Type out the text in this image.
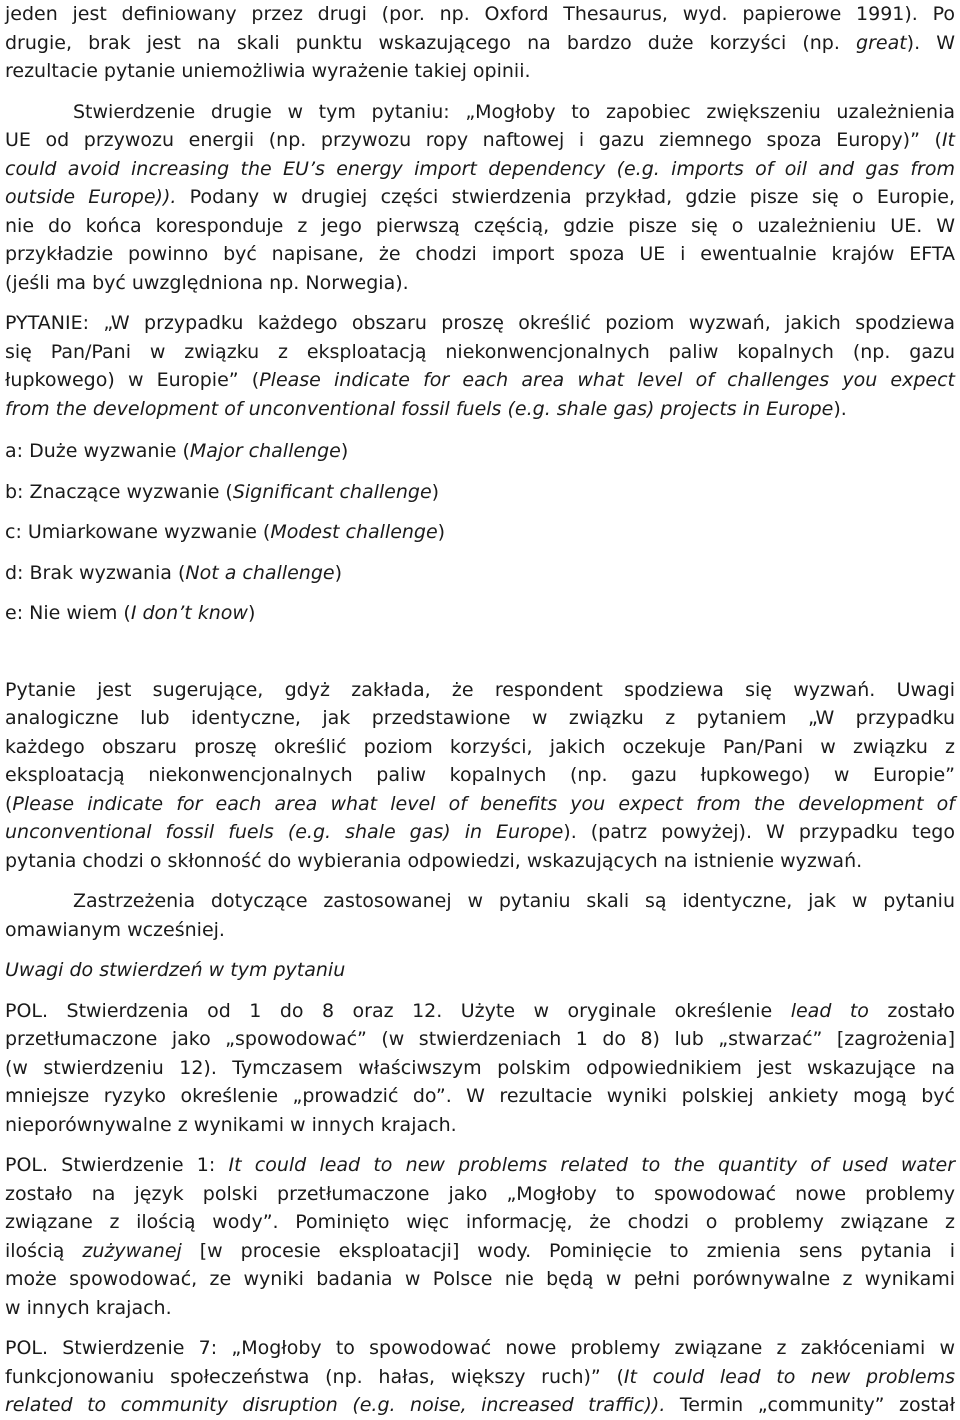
jeden jest definiowany przez drugi (por. np. Oxford Thesaurus, wyd. papierowe 1991). Po
drugie, brak jest na skali punktu wskazującego na bardzo duże korzyści (np. great). W
rezultacie pytanie uniemożliwia wyrażenie takiej opinii.

Stwierdzenie drugie w tym pytaniu: „Mogłoby to zapobiec zwiększeniu uzależnienia
UE od przywozu energii (np. przywozu ropy naftowej i gazu ziemnego spoza Europy)” (It
could avoid increasing the EU’s energy import dependency (e.g. imports of oil and gas from
outside Europe)). Podany w drugiej części stwierdzenia przykład, gdzie pisze się o Europie,
nie do końca koresponduje z jego pierwszą częścią, gdzie pisze się o uzależnieniu UE. W
przykładzie powinno być napisane, że chodzi import spoza UE i ewentualnie krajów EFTA
(jeśli ma być uwzględniona np. Norwegia).

PYTANIE: „W przypadku każdego obszaru proszę określić poziom wyzwań, jakich spodziewa
się Pan/Pani w związku z eksploatacją niekonwencjonalnych paliw kopalnych (np. gazu
łupkowego) w Europie” (Please indicate for each area what level of challenges you expect
from the development of unconventional fossil fuels (e.g. shale gas) projects in Europe).

a: Duże wyzwanie (Major challenge)
b: Znaczące wyzwanie (Significant challenge)
c: Umiarkowane wyzwanie (Modest challenge)
d: Brak wyzwania (Not a challenge)
e: Nie wiem (I don’t know)

Pytanie jest sugerujące, gdyż zakłada, że respondent spodziewa się wyzwań. Uwagi
analogiczne lub identyczne, jak przedstawione w związku z pytaniem „W przypadku
każdego obszaru proszę określić poziom korzyści, jakich oczekuje Pan/Pani w związku z
eksploatacją niekonwencjonalnych paliw kopalnych (np. gazu łupkowego) w Europie”
(Please indicate for each area what level of benefits you expect from the development of
unconventional fossil fuels (e.g. shale gas) in Europe). (patrz powyżej). W przypadku tego
pytania chodzi o skłonność do wybierania odpowiedzi, wskazujących na istnienie wyzwań.

Zastrzeżenia dotyczące zastosowanej w pytaniu skali są identyczne, jak w pytaniu
omawianym wcześniej.

Uwagi do stwierdzeń w tym pytaniu

POL. Stwierdzenia od 1 do 8 oraz 12. Użyte w oryginale określenie lead to zostało
przetłumaczone jako „spowodować” (w stwierdzeniach 1 do 8) lub „stwarzać” [zagrożenia]
(w stwierdzeniu 12). Tymczasem właściwszym polskim odpowiednikiem jest wskazujące na
mniejsze ryzyko określenie „prowadzić do”. W rezultacie wyniki polskiej ankiety mogą być
nieporównywalne z wynikami w innych krajach.

POL. Stwierdzenie 1: It could lead to new problems related to the quantity of used water
zostało na język polski przetłumaczone jako „Mogłoby to spowodować nowe problemy
związane z ilością wody”. Pominięto więc informację, że chodzi o problemy związane z
ilością zużywanej [w procesie eksploatacji] wody. Pominięcie to zmienia sens pytania i
może spowodować, ze wyniki badania w Polsce nie będą w pełni porównywalne z wynikami
w innych krajach.

POL. Stwierdzenie 7: „Mogłoby to spowodować nowe problemy związane z zakłóceniami w
funkcjonowaniu społeczeństwa (np. hałas, większy ruch)” (It could lead to new problems
related to community disruption (e.g. noise, increased traffic)). Termin „community” został
